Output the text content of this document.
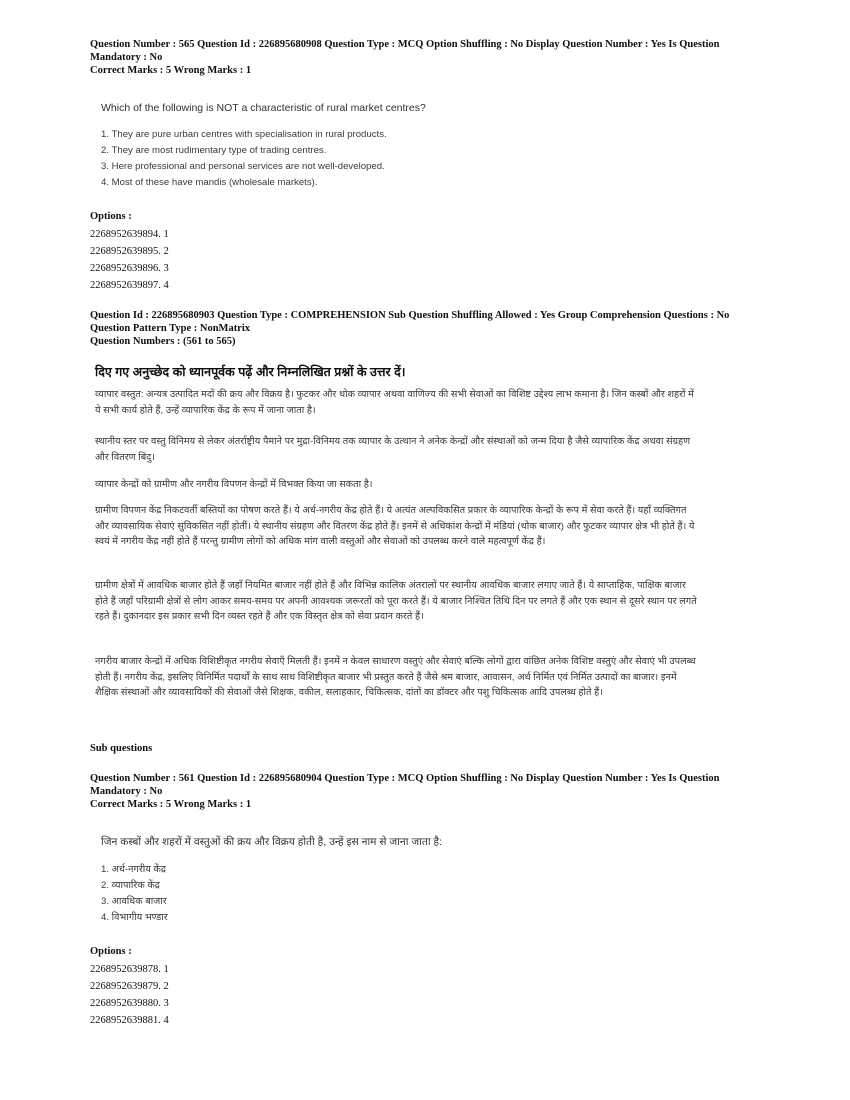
Question Number : 565 Question Id : 226895680908 Question Type : MCQ Option Shuffling : No Display Question Number : Yes Is Question
Mandatory : No
Correct Marks : 5 Wrong Marks : 1
Which of the following is NOT a characteristic of rural market centres?
1. They are pure urban centres with specialisation in rural products.
2. They are most rudimentary type of trading centres.
3. Here professional and personal services are not well-developed.
4. Most of these have mandis (wholesale markets).
Options :
2268952639894. 1
2268952639895. 2
2268952639896. 3
2268952639897. 4
Question Id : 226895680903 Question Type : COMPREHENSION Sub Question Shuffling Allowed : Yes Group Comprehension Questions : No
Question Pattern Type : NonMatrix
Question Numbers : (561 to 565)
दिए गए अनुच्छेद को ध्यानपूर्वक पढ़ें और निम्नलिखित प्रश्नों के उत्तर दें।

व्यापार वस्तुत: अन्यत्र उत्पादित मदों की क्रय और विक्रय है। फुटकर और थोक व्यापार अथवा वाणिज्य की सभी सेवाओं का विशिष्ट उद्देश्य लाभ कमाना है। जिन कस्बों और शहरों में ये सभी कार्य होते हैं, उन्हें व्यापारिक केंद्र के रूप में जाना जाता है।

स्थानीय स्तर पर वस्तु विनिमय से लेकर अंतर्राष्ट्रीय पैमाने पर मुद्रा-विनिमय तक व्यापार के उत्थान ने अनेक केन्द्रों और संस्थाओं को जन्म दिया है जैसे व्यापारिक केंद्र अथवा संग्रहण और वितरण बिंदु।

व्यापार केन्द्रों को ग्रामीण और नगरीय विपणन केन्द्रों में विभक्त किया जा सकता है।

ग्रामीण विपणन केंद्र निकटवर्ती बस्तियों का पोषण करते हैं। ये अर्ध-नगरीय केंद्र होते हैं। ये अत्यंत अल्पविकसित प्रकार के व्यापारिक केन्द्रों के रूप में सेवा करते हैं। यहाँ व्यक्तिगत और व्यावसायिक सेवाएं सुविकसित नहीं होतीं। ये स्थानीय संग्रहण और वितरण केंद्र होते हैं। इनमें से अधिकांश केन्द्रों में मंडियां (थोक बाजार) और फुटकर व्यापार क्षेत्र भी होते हैं। ये स्वयं में नगरीय केंद्र नहीं होते हैं परन्तु ग्रामीण लोगों को अधिक मांग वाली वस्तुओं और सेवाओं को उपलब्ध करने वाले महत्वपूर्ण केंद्र हैं।

ग्रामीण क्षेत्रों में आवधिक बाजार होते हैं जहाँ नियमित बाजार नहीं होते हैं और विभिन्न कालिक अंतरालों पर स्थानीय आवधिक बाजार लगाए जाते हैं। ये साप्ताहिक, पाक्षिक बाजार होते हैं जहाँ परिग्रामी क्षेत्रों से लोग आकर समय-समय पर अपनी आवश्यक जरूरतों को पूरा करते हैं। ये बाजार निश्चित तिथि दिन पर लगते हैं और एक स्थान से दूसरे स्थान पर लगते रहते हैं। दुकानदार इस प्रकार सभी दिन व्यस्त रहते हैं और एक विस्तृत क्षेत्र को सेवा प्रदान करते हैं।

नगरीय बाजार केन्द्रों में अधिक विशिष्टीकृत नगरीय सेवाएँ मिलती हैं। इनमें न केवल साधारण वस्तुएं और सेवाएं बल्कि लोगों द्वारा वांछित अनेक विशिष्ट वस्तुएं और सेवाएं भी उपलब्ध होती हैं। नगरीय केंद्र, इसलिए विनिर्मित पदार्थों के साथ साथ विशिष्टीकृत बाजार भी प्रस्तुत करते हैं जैसे श्रम बाजार, आवासन, अर्ध निर्मित एवं निर्मित उत्पादों का बाजार। इनमें शैक्षिक संस्थाओं और व्यावसायिकों की सेवाओं जैसे शिक्षक, वकील, सलाहकार, चिकित्सक, दांतों का डॉक्टर और पशु चिकित्सक आदि उपलब्ध होते हैं।

Sub questions
Question Number : 561 Question Id : 226895680904 Question Type : MCQ Option Shuffling : No Display Question Number : Yes Is Question
Mandatory : No
Correct Marks : 5 Wrong Marks : 1
जिन कस्बों और शहरों में वस्तुओं की क्रय और विक्रय होती है, उन्हें इस नाम से जाना जाता है:
1. अर्ध-नगरीय केंद्र
2. व्यापारिक केंद्र
3. आवधिक बाजार
4. विभागीय भण्डार
Options :
2268952639878. 1
2268952639879. 2
2268952639880. 3
2268952639881. 4
